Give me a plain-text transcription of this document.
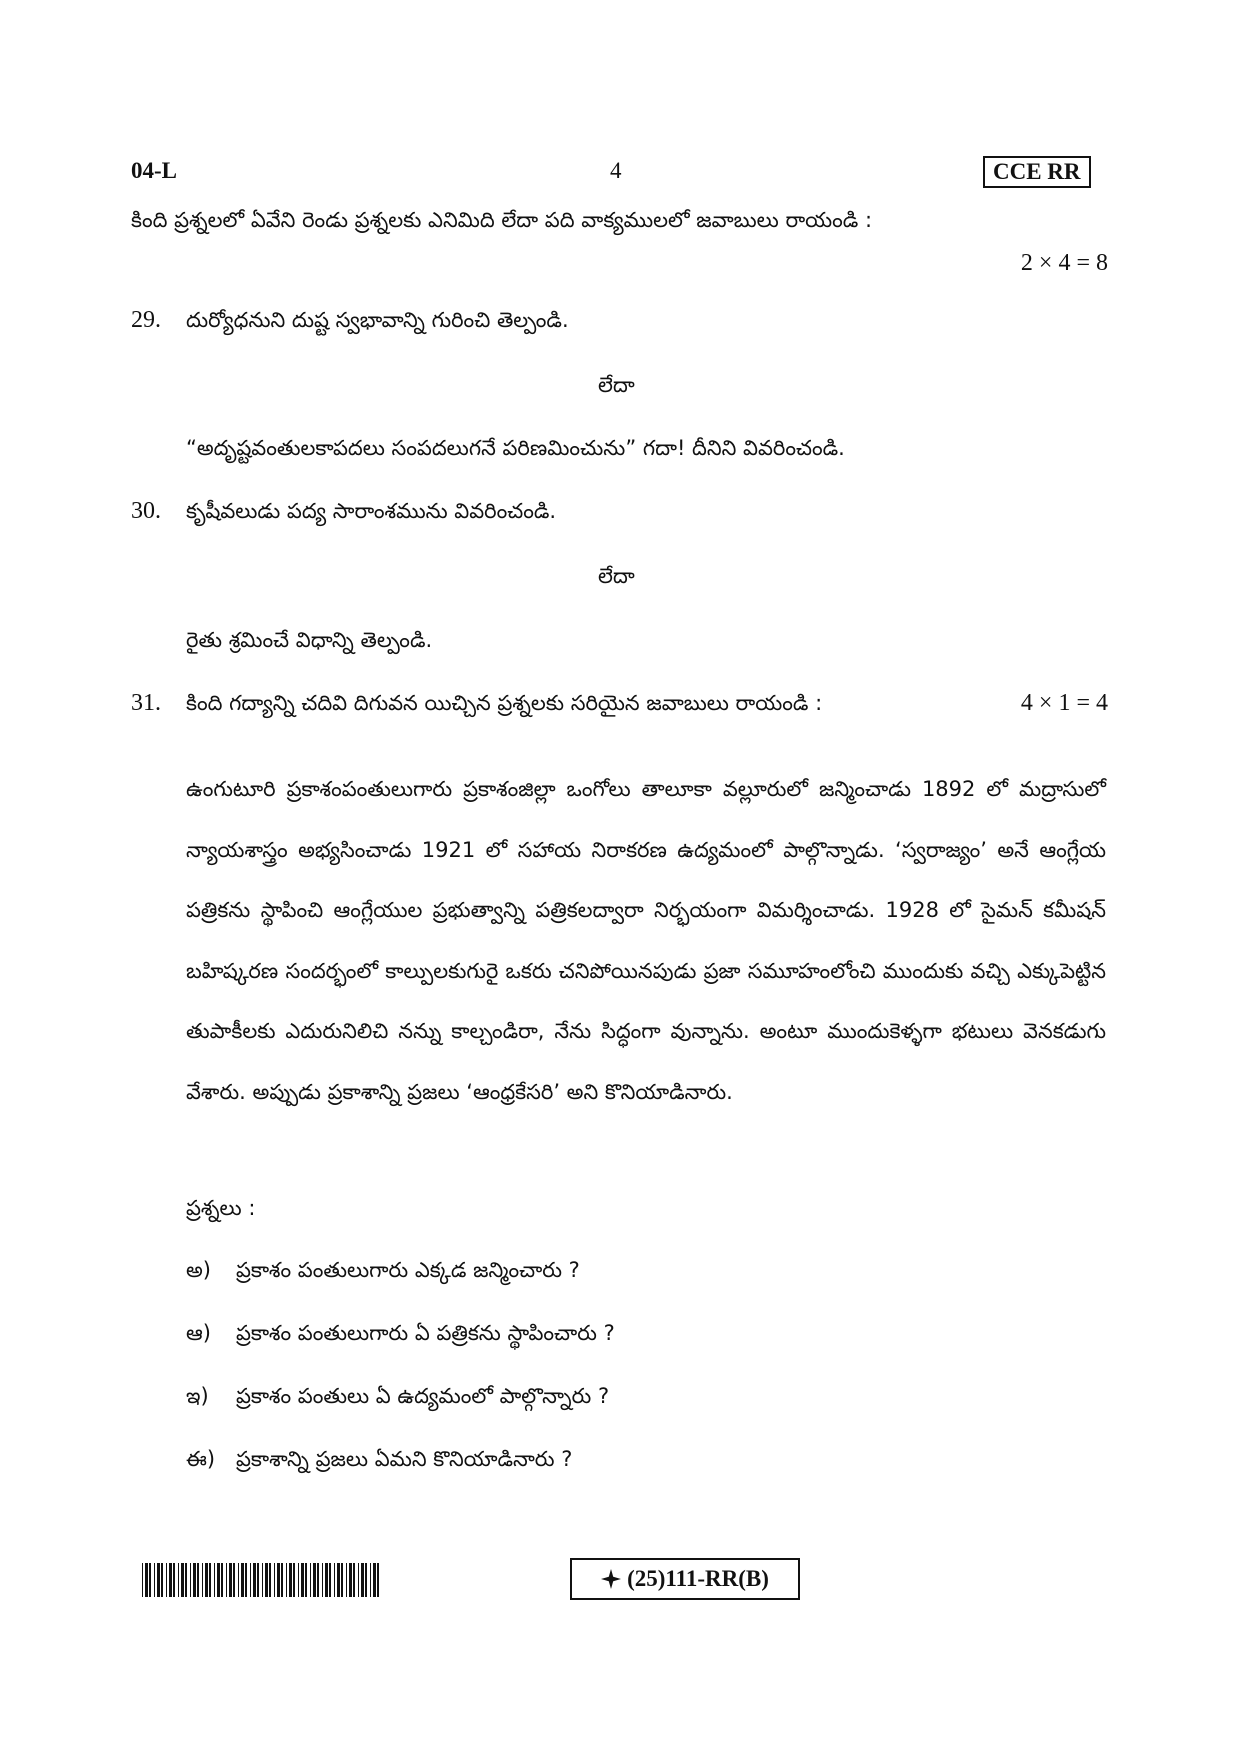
04-L	4	CCE RR
కింది ప్రశ్నలలో ఏవేని రెండు ప్రశ్నలకు ఎనిమిది లేదా పది వాక్యములలో జవాబులు రాయండి :
2 × 4 = 8
29. దుర్యోధనుని దుష్ట స్వభావాన్ని గురించి తెల్పండి.
లేదా
“అదృష్టవంతులకాపదలు సంపదలుగనే పరిణమించును” గదా! దీనిని వివరించండి.
30. కృషీవలుడు పద్య సారాంశమును వివరించండి.
లేదా
రైతు శ్రమించే విధాన్ని తెల్పండి.
31. కింది గద్యాన్ని చదివి దిగువన యిచ్చిన ప్రశ్నలకు సరియైన జవాబులు రాయండి :	4 × 1 = 4
ఉంగుటూరి ప్రకాశంపంతులుగారు ప్రకాశంజిల్లా ఒంగోలు తాలూకా వల్లూరులో జన్మించాడు 1892 లో మద్రాసులో న్యాయశాస్త్రం అభ్యసించాడు 1921 లో సహాయ నిరాకరణ ఉద్యమంలో పాల్గొన్నాడు. ‘స్వరాజ్యం’ అనే ఆంగ్లేయ పత్రికను స్థాపించి ఆంగ్లేయుల ప్రభుత్వాన్ని పత్రికలద్వారా నిర్భయంగా విమర్శించాడు. 1928 లో సైమన్ కమీషన్ బహిష్కరణ సందర్భంలో కాల్పులకుగురై ఒకరు చనిపోయినపుడు ప్రజా సమూహంలోంచి ముందుకు వచ్చి ఎక్కుపెట్టిన తుపాకీలకు ఎదురునిలిచి నన్ను కాల్చండిరా, నేను సిద్ధంగా వున్నాను. అంటూ ముందుకెళ్ళగా భటులు వెనకడుగు వేశారు. అప్పుడు ప్రకాశాన్ని ప్రజలు ‘ఆంధ్రకేసరి’ అని కొనియాడినారు.
ప్రశ్నలు :
అ) ప్రకాశం పంతులుగారు ఎక్కడ జన్మించారు ?
ఆ) ప్రకాశం పంతులుగారు ఏ పత్రికను స్థాపించారు ?
ఇ) ప్రకాశం పంతులు ఏ ఉద్యమంలో పాల్గొన్నారు ?
ఈ) ప్రకాశాన్ని ప్రజలు ఏమని కొనియాడినారు ?
(25)111-RR(B)
